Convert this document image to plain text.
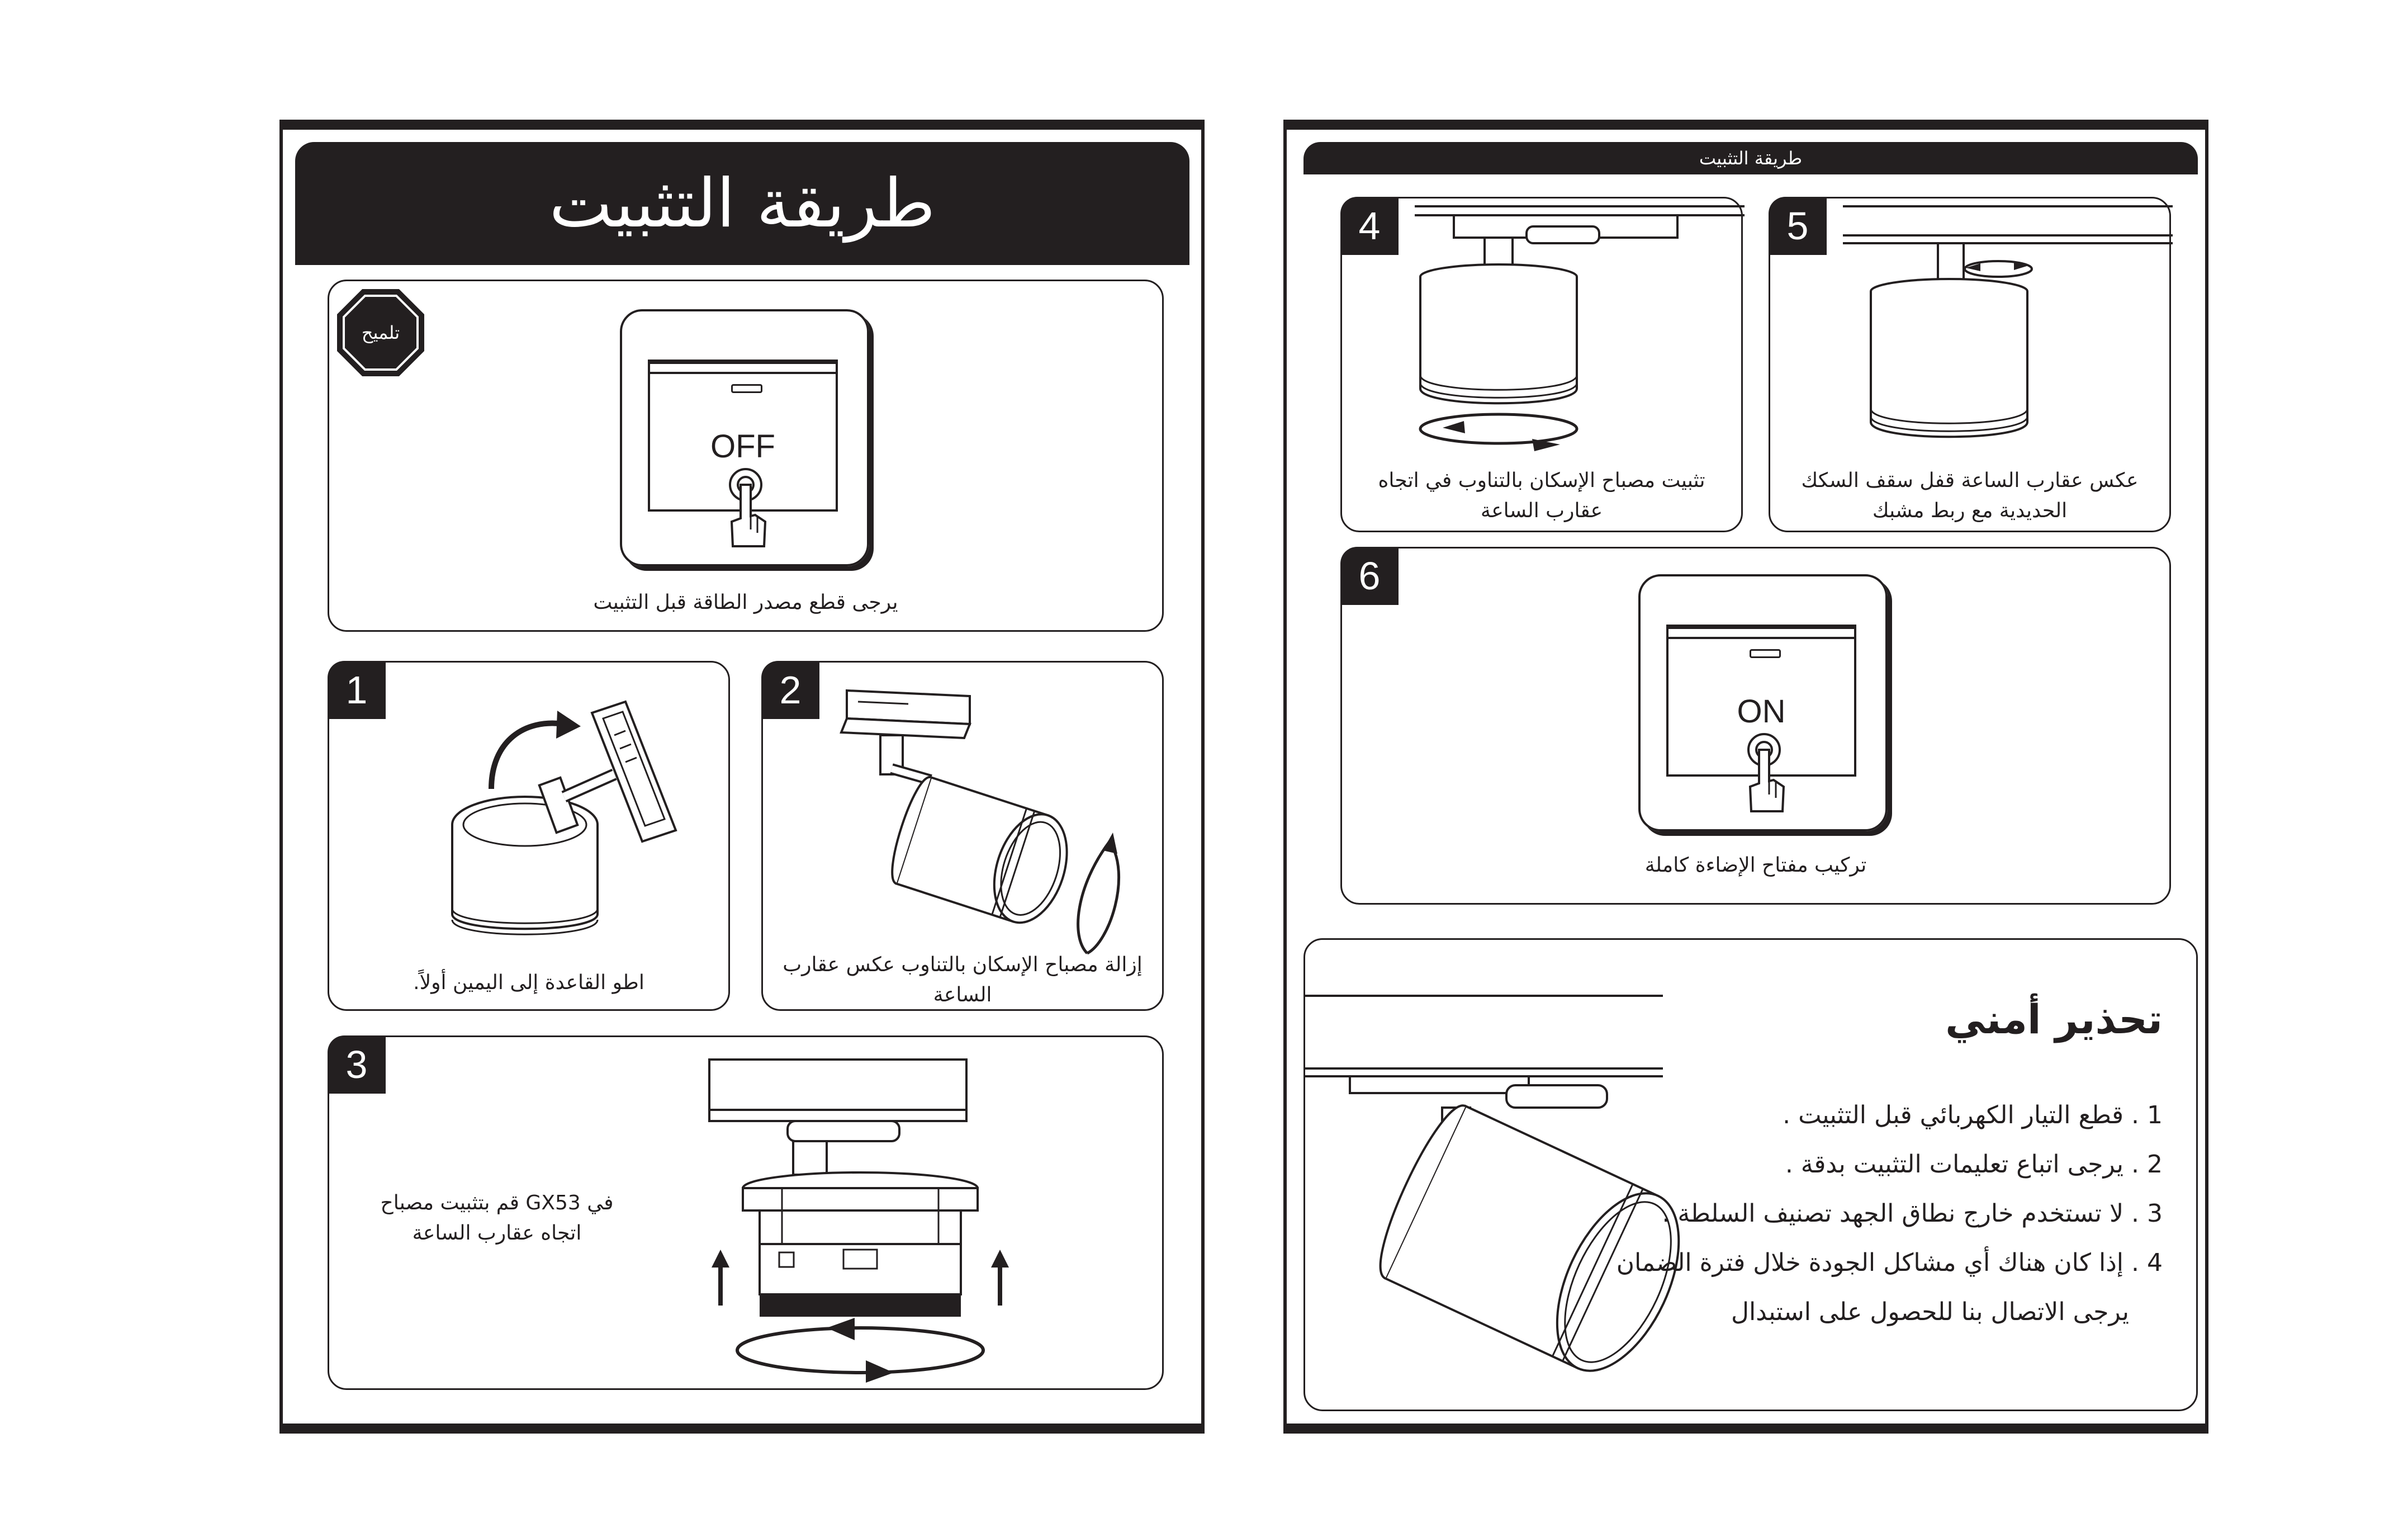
طريقة التثبيت
تلميح
OFF
يرجى قطع مصدر الطاقة قبل التثبيت
1
اطو القاعدة إلى اليمين أولاً.
2
إزالة مصباح الإسكان بالتناوب عكس عقارب الساعة
3
في GX53 قم بتثبيت مصباح اتجاه عقارب الساعة
طريقة التثبيت
4
تثبيت مصباح الإسكان بالتناوب في اتجاه عقارب الساعة
5
عكس عقارب الساعة قفل سقف السكك الحديدية مع ربط مشبك
6
ON
تركيب مفتاح الإضاءة كاملة
تحذير أمني
1 . قطع التيار الكهربائي قبل التثبيت .
2 . يرجى اتباع تعليمات التثبيت بدقة .
3 . لا تستخدم خارج نطاق الجهد تصنيف السلطة .
4 . إذا كان هناك أي مشاكل الجودة خلال فترة الضمان
يرجى الاتصال بنا للحصول على استبدال
